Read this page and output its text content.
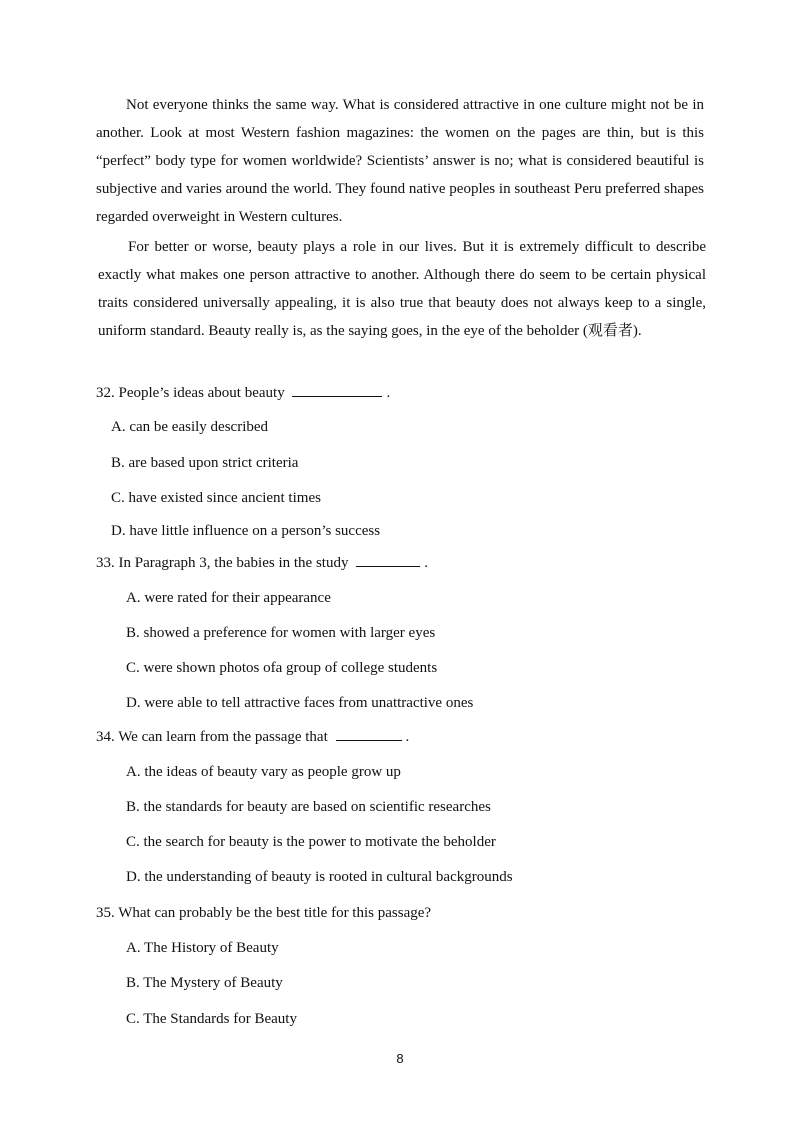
Not everyone thinks the same way. What is considered attractive in one culture might not be in another. Look at most Western fashion magazines: the women on the pages are thin, but is this “perfect” body type for women worldwide? Scientists’ answer is no; what is considered beautiful is subjective and varies around the world. They found native peoples in southeast Peru preferred shapes regarded overweight in Western cultures.

For better or worse, beauty plays a role in our lives. But it is extremely difficult to describe exactly what makes one person attractive to another. Although there do seem to be certain physical traits considered universally appealing, it is also true that beauty does not always keep to a single, uniform standard. Beauty really is, as the saying goes, in the eye of the beholder (观看者).

32. People’s ideas about beauty	.
A. can be easily described
B. are based upon strict criteria
C. have existed since ancient times
D. have little influence on a person’s success
33. In Paragraph 3, the babies in the study	.
A. were rated for their appearance
B. showed a preference for women with larger eyes
C. were shown photos ofa group of college students
D. were able to tell attractive faces from unattractive ones
34. We can learn from the passage that	.
A. the ideas of beauty vary as people grow up
B. the standards for beauty are based on scientific researches
C. the search for beauty is the power to motivate the beholder
D. the understanding of beauty is rooted in cultural backgrounds
35. What can probably be the best title for this passage?
A. The History of Beauty
B. The Mystery of Beauty
C. The Standards for Beauty
8
